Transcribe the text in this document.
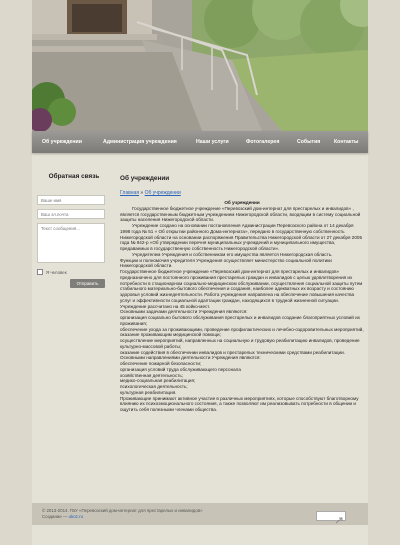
Об учреждении	Администрация учреждения	Наши услуги	Фотогалерея	События	Контакты
Обратная связь
Ваше имя
Ваш эл.почта
Текст сообщения...
Я человек
Отправить
Об учреждении
Главная » Об учреждении

Об учреждении

Государственное бюджетное учреждение «Перевозский дом-интернат для престарелых и инвалидов» , является государственным бюджетным учреждением Нижегородской области, входящим в систему социальной защиты населения Нижегородской области.

Учреждение создано на основании постановления Администрации Перевозского района от 14 декабря 1998 года № 51 « Об открытии районного Дома-интерната», передано в государственную собственность Нижегородской области на основании распоряжения Правительства Нижегородской области от 27 декабря 2005 года № 942-р «Об утверждении перечня муниципальных учреждений и муниципального имущества, предаваемых в государственную собственность Нижегородской области».

Учредителем Учреждения и собственником его имущества является Нижегородская область.

Функции и полномочия учредителя Учреждения осуществляет министерство социальной политики Нижегородской области.

Государственное бюджетное учреждение «Перевозский дом-интернат для престарелых и инвалидов» предназначено для постоянного проживания престарелых граждан и инвалидов с целью удовлетворения их потребности в стационарном социально-медицинском обслуживании, осуществления социальной защиты путем стабильного материально-бытового обеспечения и создания, наиболее адекватных их возрасту и состоянию здоровья условий жизнедеятельности. Работа учреждения направлена на обеспечение повышения качества услуг и эффективности социальной адаптации граждан, находящихся в трудной жизненной ситуации. Учреждение рассчитано на 45 койко-мест.

Основными задачами деятельности Учреждения являются:

организация социально бытового обслуживания престарелых и инвалидов создание благоприятных условий их проживания;

обеспечение ухода за проживающими, проведение профилактических и лечебно-оздоровительных мероприятий, оказание проживающим медицинской помощи;

осуществление мероприятий, направленных на социальную и трудовую реабилитацию инвалидов, проведение культурно-массовой работы;

оказание содействия в обеспечении инвалидов и престарелых техническими средствами реабилитации.

Основными направлениями деятельности Учреждения являются:

обеспечение пожарной безопасности;

организация условий труда обслуживающего персонала

хозяйственная деятельность;

медико-социальная реабилитация;

психологическая деятельность;

культурная реабилитация.

Проживающие принимают активное участие в различных мероприятиях, которые способствуют благотворному влиянию их психоэмоционального состояния, а также позволяют им реализовывать потребности в общении и ощутить себя полезными членами общества.

© 2013-2014. ГБУ «Перевозский дом-интернат для престарелых и инвалидов»
Создание — ukoz.ru
